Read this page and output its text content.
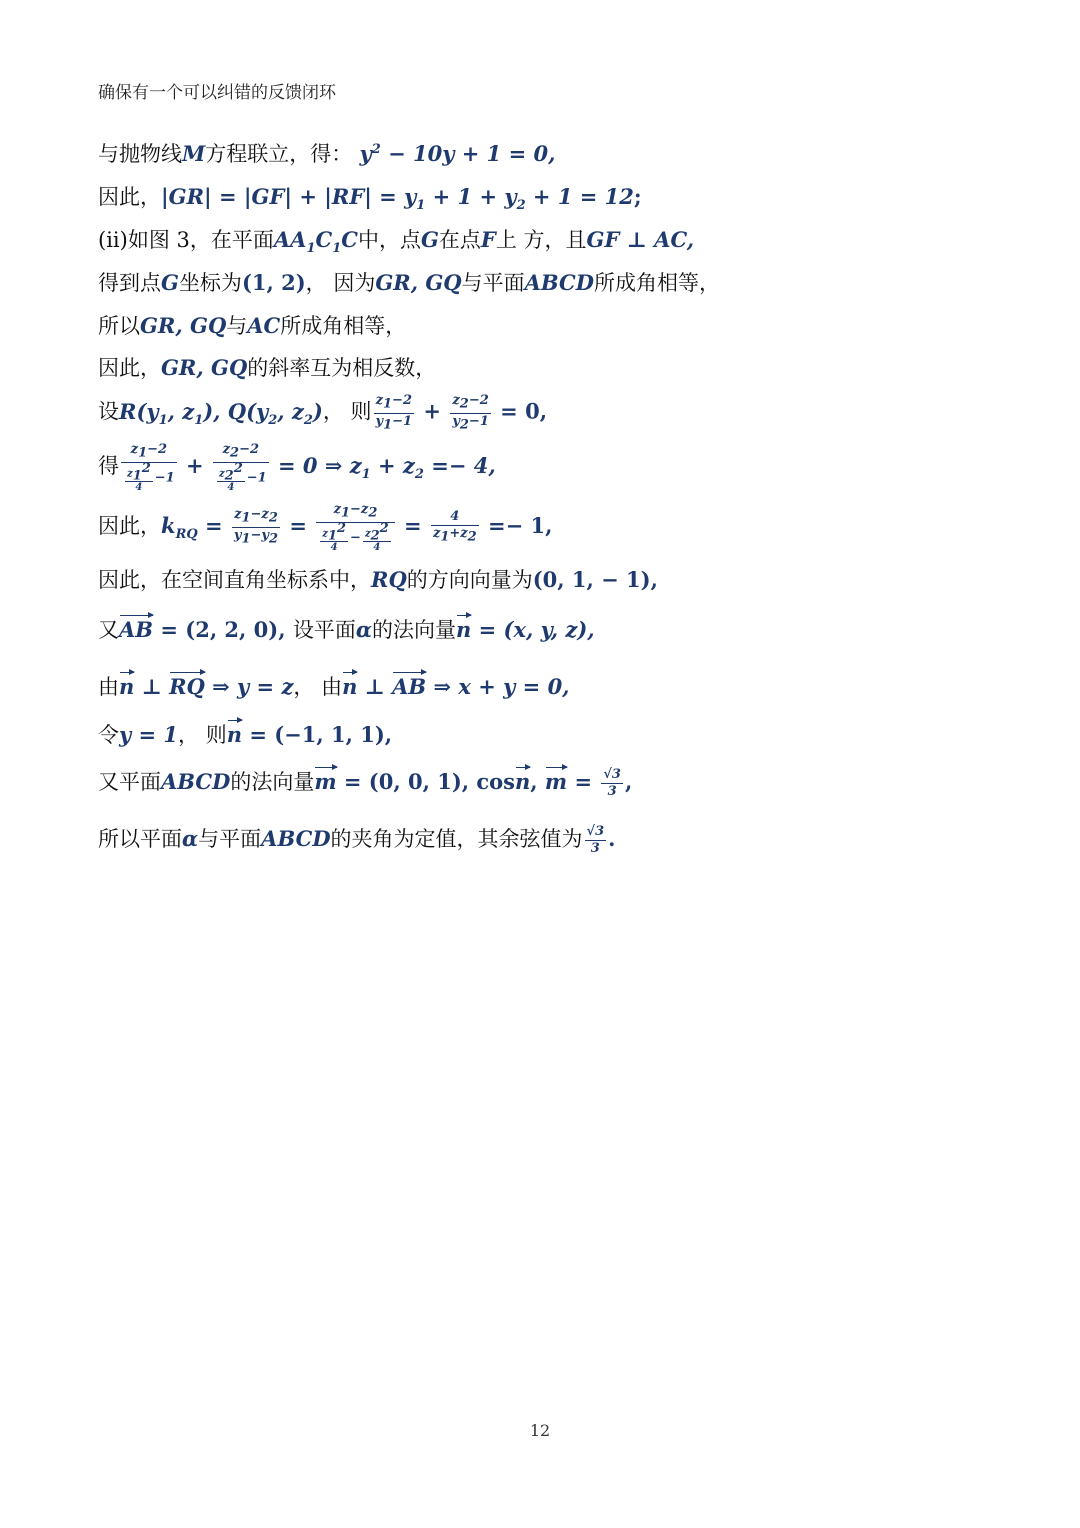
确保有一个可以纠错的反馈闭环
与抛物线M方程联立，得： $y^2 - 10y + 1 = 0$,
因此，$|GR| = |GF| + |RF| = y_1 + 1 + y_2 + 1 = 12$;
(ii)如图 3，在平面$AA_1C_1C$中，点G在点F上 方，且GF ⊥ AC,
得到点G坐标为(1, 2)， 因为GR, GQ与平面ABCD所成角相等，
所以GR, GQ与AC所成角相等，
因此，GR, GQ的斜率互为相反数，
设$R(y_1$, $z_1$), $Q(y_2$, $z_2$)， 则 $\frac{z_1-2}{y_1-1} + \frac{z_2-2}{y_2-1} = 0$,
得 $\frac{z_1-2}{\frac{z_1^2}{4} -1} + \frac{z_2-2}{\frac{z_2^2}{4} -1} = 0$ ⇒ $z_1 + z_2 =- 4$,
因此，$k_{RQ} = \frac{z_1-z_2}{y_1-y_2} = \frac{z_1-z_2}{\frac{z_1^2}{4} - \frac{z_2^2}{4}} = \frac{4}{z_1+z_2} =- 1$,
因此，在空间直角坐标系中，RQ的方向向量为(0, 1, − 1),
又AB = (2, 2, 0), 设平面α的法向量n = (x, y, z),
由n ⊥ RQ ⇒ y = z， 由n ⊥ AB ⇒ x + y = 0,
令y = 1， 则n = (−1, 1, 1),
又平面ABCD的法向量m = (0, 0, 1), cosn, $m = \frac{√3}{3}$ ,
所以平面α与平面ABCD的夹角为定值，其余弦值为 $\frac{√3}{3}$ .
12
